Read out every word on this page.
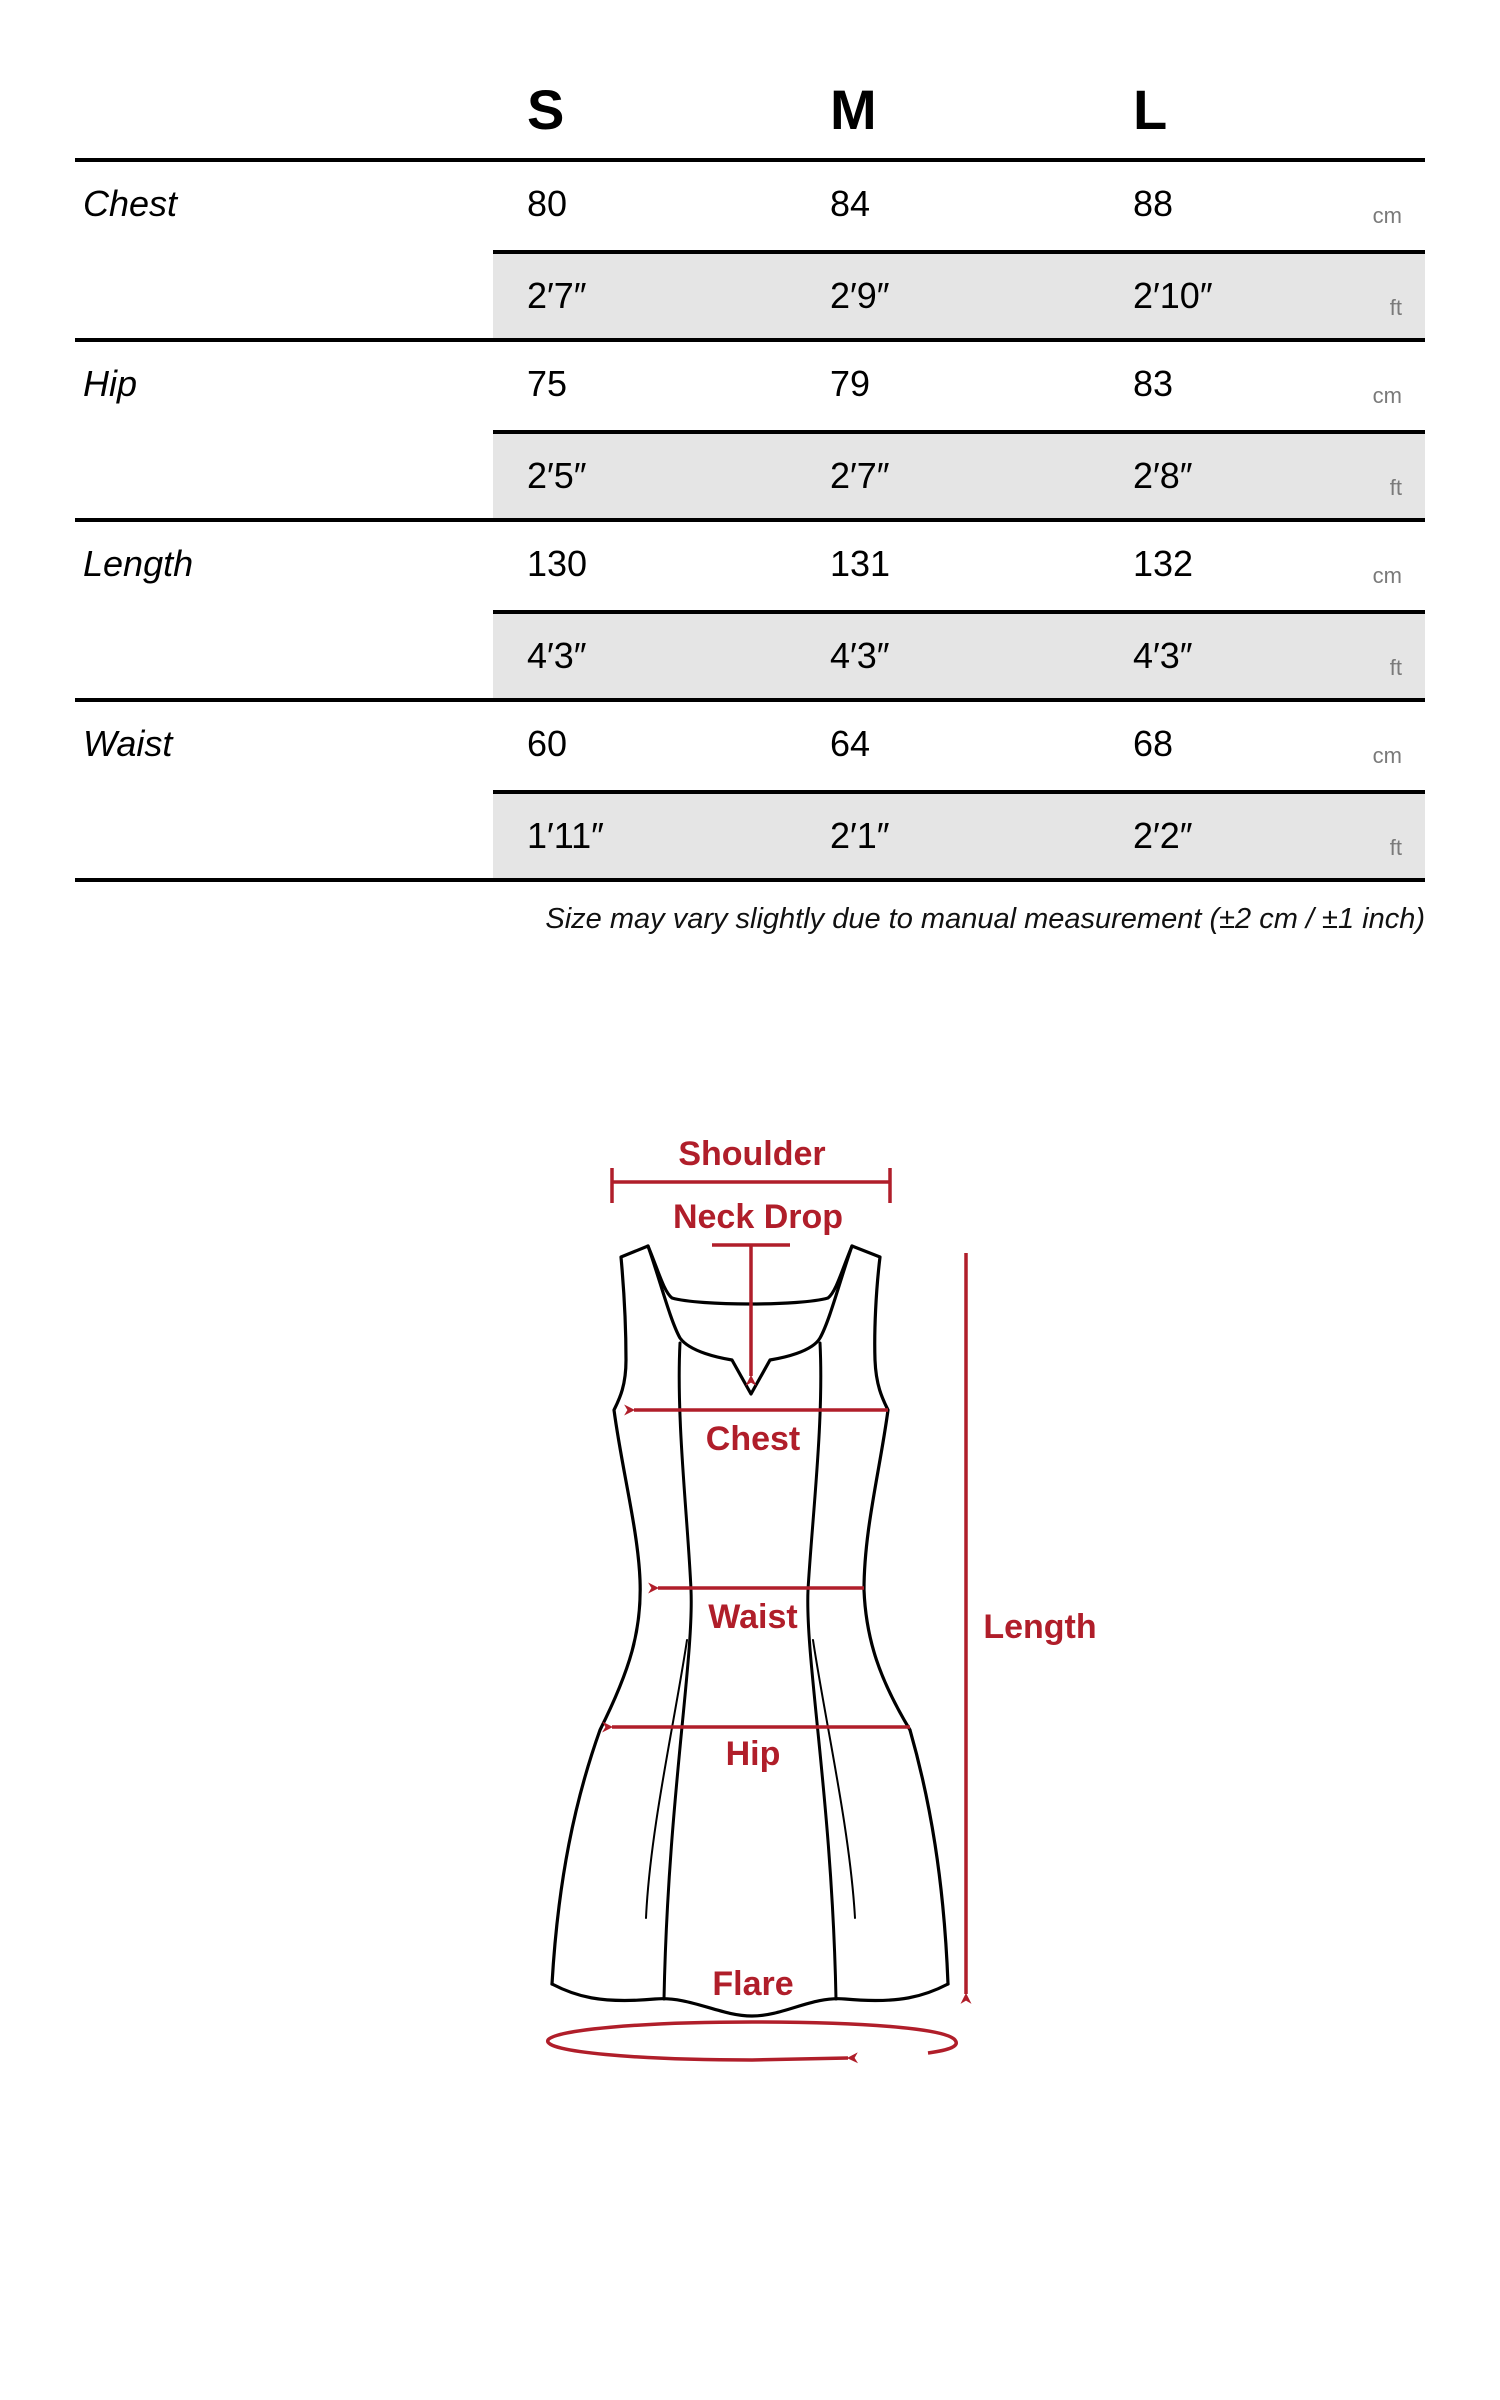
S	M	L
Chest	80	84	88	cm
2′7″	2′9″	2′10″	ft
Hip	75	79	83	cm
2′5″	2′7″	2′8″	ft
Length	130	131	132	cm
4′3″	4′3″	4′3″	ft
Waist	60	64	68	cm
1′11″	2′1″	2′2″	ft
Size may vary slightly due to manual measurement (±2 cm / ±1 inch)
Shoulder
Neck Drop
Chest
Waist
Hip
Flare
Length
